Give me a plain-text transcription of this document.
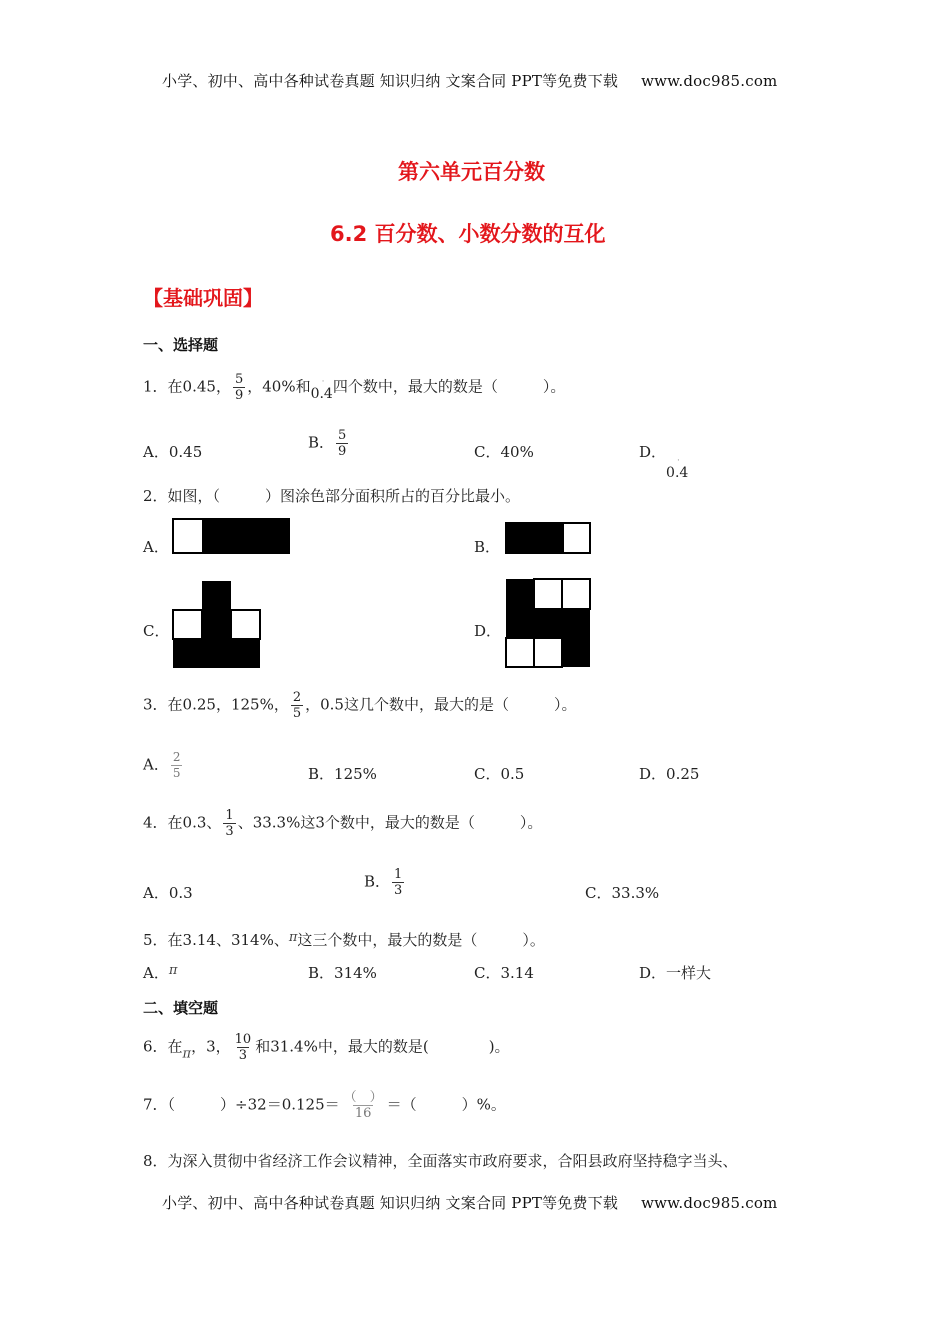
小学、初中、高中各种试卷真题 知识归纳 文案合同 PPT等免费下载 www.doc985.com
第六单元百分数
6.2 百分数、小数分数的互化
【基础巩固】
一、选择题
1．在0.45， $\frac{5}{9}$ ，40%和	·
0.4 四个数中，最大的数是（　　　）。
A．0.45
B． $\frac{5}{9}$	C．40%	D．	·
0.4
2．如图，（　　　）图涂色部分面积所占的百分比最小。
A．	B．
C．	D．
3．在0.25，125%， $\frac{2}{5}$ ，0.5这几个数中，最大的是（　　　）。
A． $\frac{2}{5}$	B．125%	C．0.5	D．0.25
4．在0.3、 $\frac{1}{3}$ 、33.3%这3个数中，最大的数是（　　　）。
A．0.3
B． $\frac{1}{3}$	C．33.3%
5．在3.14、314%、π这三个数中，最大的数是（　　　）。
A．π	B．314%	C．3.14	D．一样大
二、填空题
6．在π，3， $\frac{10}{3}$ 和31.4%中，最大的数是(　　　　)。
7．（　　　）$\div 32=0.125= \frac{( )}{16}$ ＝（　　　）%。
8．为深入贯彻中省经济工作会议精神，全面落实市政府要求，合阳县政府坚持稳字当头、
小学、初中、高中各种试卷真题 知识归纳 文案合同 PPT等免费下载 www.doc985.com
